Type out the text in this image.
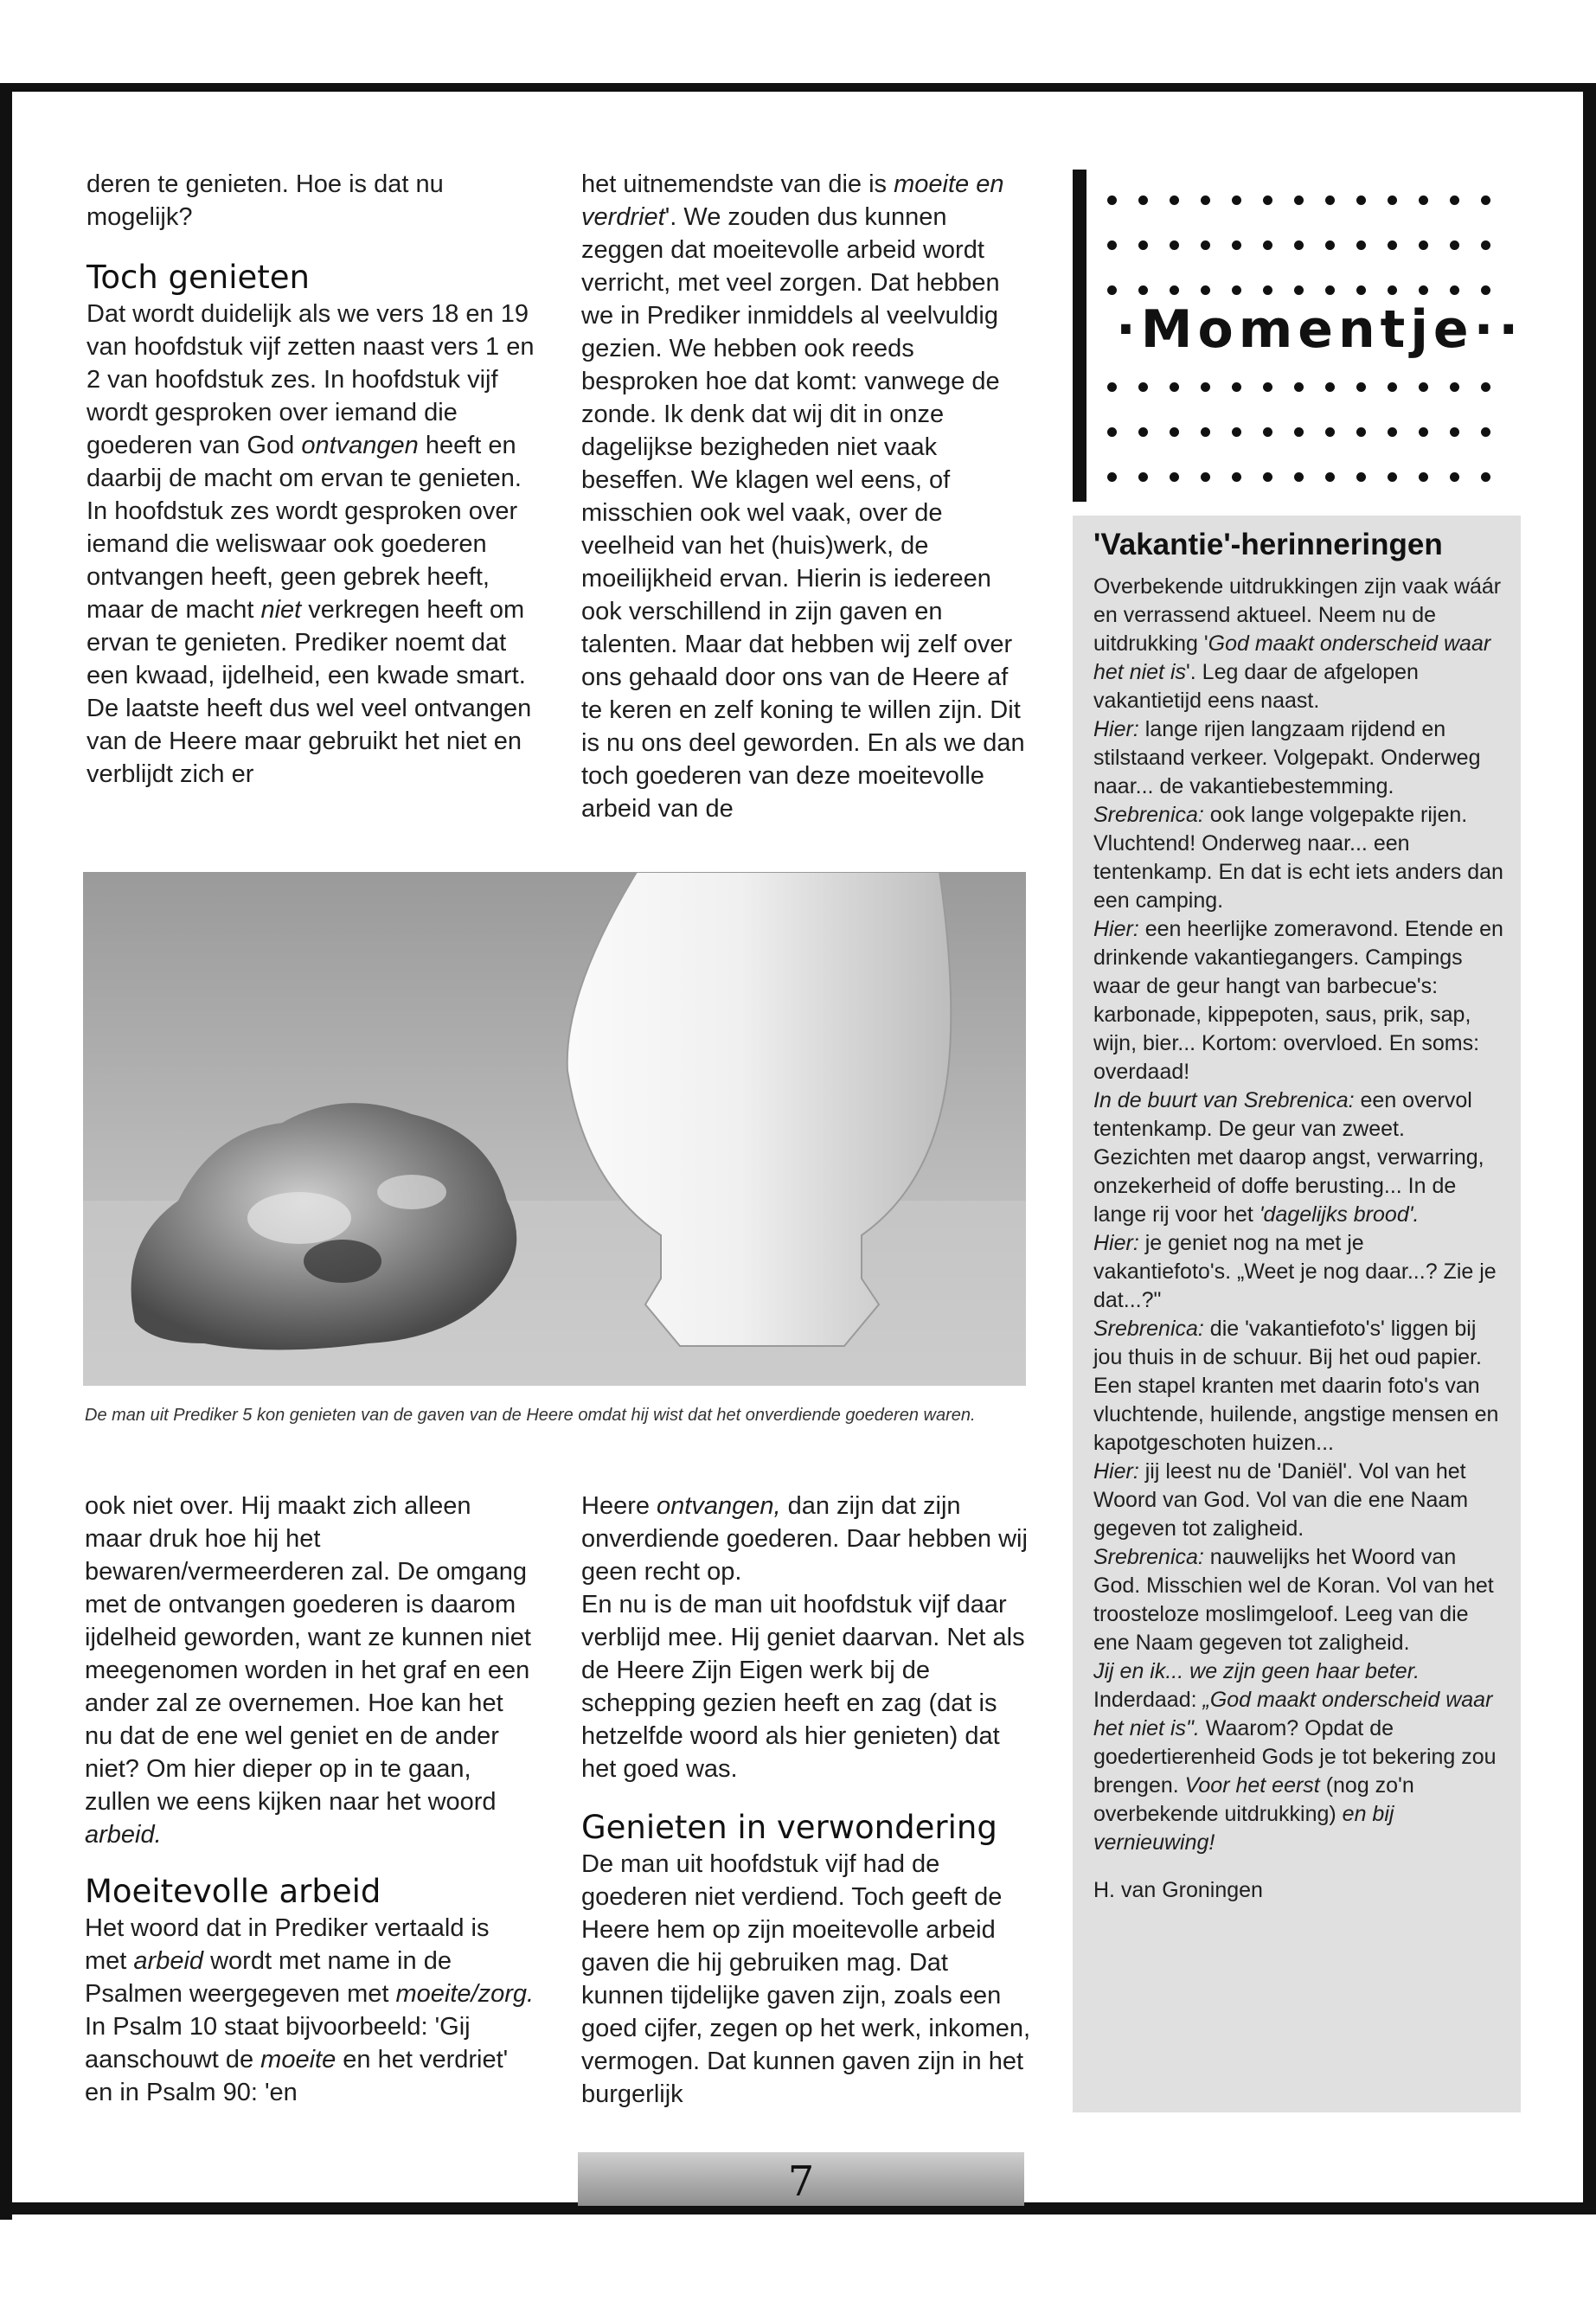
deren te genieten. Hoe is dat nu mogelijk?

Toch genieten

Dat wordt duidelijk als we vers 18 en 19 van hoofdstuk vijf zetten naast vers 1 en 2 van hoofdstuk zes. In hoofdstuk vijf wordt gesproken over iemand die goederen van God ontvangen heeft en daarbij de macht om ervan te genieten. In hoofdstuk zes wordt gesproken over iemand die weliswaar ook goederen ontvangen heeft, geen gebrek heeft, maar de macht niet verkregen heeft om ervan te genieten. Prediker noemt dat een kwaad, ijdelheid, een kwade smart. De laatste heeft dus wel veel ontvangen van de Heere maar gebruikt het niet en verblijdt zich er

het uitnemendste van die is moeite en verdriet'. We zouden dus kunnen zeggen dat moeitevolle arbeid wordt verricht, met veel zorgen. Dat hebben we in Prediker inmiddels al veelvuldig gezien. We hebben ook reeds besproken hoe dat komt: vanwege de zonde. Ik denk dat wij dit in onze dagelijkse bezigheden niet vaak beseffen. We klagen wel eens, of misschien ook wel vaak, over de veelheid van het (huis)werk, de moeilijkheid ervan. Hierin is iedereen ook verschillend in zijn gaven en talenten. Maar dat hebben wij zelf over ons gehaald door ons van de Heere af te keren en zelf koning te willen zijn. Dit is nu ons deel geworden. En als we dan toch goederen van deze moeitevolle arbeid van de

De man uit Prediker 5 kon genieten van de gaven van de Heere omdat hij wist dat het onverdiende goederen waren.

ook niet over. Hij maakt zich alleen maar druk hoe hij het bewaren/vermeerderen zal. De omgang met de ontvangen goederen is daarom ijdelheid geworden, want ze kunnen niet meegenomen worden in het graf en een ander zal ze overnemen. Hoe kan het nu dat de ene wel geniet en de ander niet? Om hier dieper op in te gaan, zullen we eens kijken naar het woord arbeid.

Moeitevolle arbeid

Het woord dat in Prediker vertaald is met arbeid wordt met name in de Psalmen weergegeven met moeite/zorg. In Psalm 10 staat bijvoorbeeld: 'Gij aanschouwt de moeite en het verdriet' en in Psalm 90: 'en

Heere ontvangen, dan zijn dat zijn onverdiende goederen. Daar hebben wij geen recht op.

En nu is de man uit hoofdstuk vijf daar verblijd mee. Hij geniet daarvan. Net als de Heere Zijn Eigen werk bij de schepping gezien heeft en zag (dat is hetzelfde woord als hier genieten) dat het goed was.

Genieten in verwondering

De man uit hoofdstuk vijf had de goederen niet verdiend. Toch geeft de Heere hem op zijn moeitevolle arbeid gaven die hij gebruiken mag. Dat kunnen tijdelijke gaven zijn, zoals een goed cijfer, zegen op het werk, inkomen, vermogen. Dat kunnen gaven zijn in het burgerlijk

·Momentje··
'Vakantie'-herinneringen

Overbekende uitdrukkingen zijn vaak wáár en verrassend aktueel. Neem nu de uitdrukking 'God maakt onderscheid waar het niet is'. Leg daar de afgelopen vakantietijd eens naast.

Hier: lange rijen langzaam rijdend en stilstaand verkeer. Volgepakt. Onderweg naar... de vakantiebestemming.

Srebrenica: ook lange volgepakte rijen. Vluchtend! Onderweg naar... een tentenkamp. En dat is echt iets anders dan een camping.

Hier: een heerlijke zomeravond. Etende en drinkende vakantiegangers. Campings waar de geur hangt van barbecue's: karbonade, kippepoten, saus, prik, sap, wijn, bier... Kortom: overvloed. En soms: overdaad!

In de buurt van Srebrenica: een overvol tentenkamp. De geur van zweet. Gezichten met daarop angst, verwarring, onzekerheid of doffe berusting... In de lange rij voor het 'dagelijks brood'.

Hier: je geniet nog na met je vakantiefoto's. „Weet je nog daar...? Zie je dat...?"

Srebrenica: die 'vakantiefoto's' liggen bij jou thuis in de schuur. Bij het oud papier. Een stapel kranten met daarin foto's van vluchtende, huilende, angstige mensen en kapotgeschoten huizen...

Hier: jij leest nu de 'Daniël'. Vol van het Woord van God. Vol van die ene Naam gegeven tot zaligheid.

Srebrenica: nauwelijks het Woord van God. Misschien wel de Koran. Vol van het troosteloze moslimgeloof. Leeg van die ene Naam gegeven tot zaligheid.

Jij en ik... we zijn geen haar beter.

Inderdaad: „God maakt onderscheid waar het niet is". Waarom? Opdat de goedertierenheid Gods je tot bekering zou brengen. Voor het eerst (nog zo'n overbekende uitdrukking) en bij vernieuwing!

H. van Groningen

7
